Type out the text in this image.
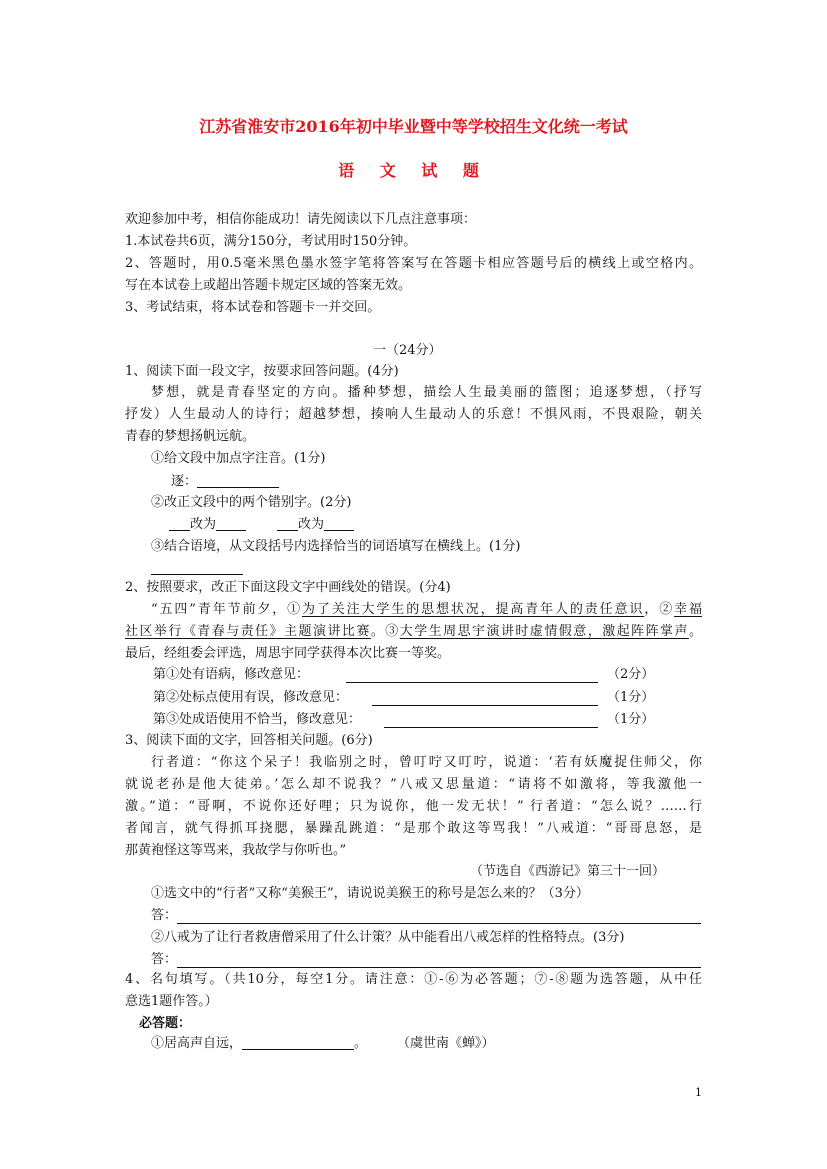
江苏省淮安市2016年初中毕业暨中等学校招生文化统一考试
语 文 试 题
欢迎参加中考，相信你能成功！请先阅读以下几点注意事项：
1.本试卷共6页，满分150分，考试用时150分钟。
2、答题时，用0.5毫米黑色墨水签字笔将答案写在答题卡相应答题号后的横线上或空格内。
写在本试卷上或超出答题卡规定区域的答案无效。
3、考试结束，将本试卷和答题卡一并交回。
一（24分）
1、阅读下面一段文字，按要求回答问题。(4分)
梦想，就是青春坚定的方向。播种梦想，描绘人生最美丽的篮图；追逐梦想，（抒写
抒发）人生最动人的诗行；超越梦想，揍响人生最动人的乐意！不惧风雨，不畏艰险，朝关
青春的梦想扬帆远航。
①给文段中加点字注音。(1分)
逐：
②改正文段中的两个错别字。(2分)
改为	改为
③结合语境，从文段括号内选择恰当的词语填写在横线上。(1分)
2、按照要求，改正下面这段文字中画线处的错误。(分4)
“五四”青年节前夕，①为了关注大学生的思想状况，提高青年人的责任意识，②幸福
社区举行《青春与责任》主题演讲比赛。③大学生周思宇演讲时虚情假意，激起阵阵掌声。
最后，经组委会评选，周思宇同学获得本次比赛一等奖。
第①处有语病，修改意见：	（2分）
第②处标点使用有误，修改意见：	（1分）
第③处成语使用不恰当，修改意见：	（1分）
3、阅读下面的文字，回答相关问题。(6分)
行者道：“你这个呆子！我临别之时，曾叮咛又叮咛，说道：‘若有妖魔捉住师父，你
就说老孙是他大徒弟。’怎么却不说我？”八戒又思量道：“请将不如激将，等我激他一
激。”道：“哥啊，不说你还好哩；只为说你，他一发无状！” 行者道：“怎么说？……行
者闻言，就气得抓耳挠腮，暴躁乱跳道：“是那个敢这等骂我！”八戒道：“哥哥息怒，是
那黄袍怪这等骂来，我故学与你听也。”
（节选自《西游记》第三十一回）
①选文中的“行者”又称“美猴王”，请说说美猴王的称号是怎么来的？（3分）
答：
②八戒为了让行者救唐僧采用了什么计策？从中能看出八戒怎样的性格特点。(3分)
答：
4、名句填写。（共10分，每空1分。请注意：①-⑥为必答题；⑦-⑧题为选答题，从中任
意选1题作答。）
必答题：
①居高声自远，	。 （虞世南《蝉》）
1
